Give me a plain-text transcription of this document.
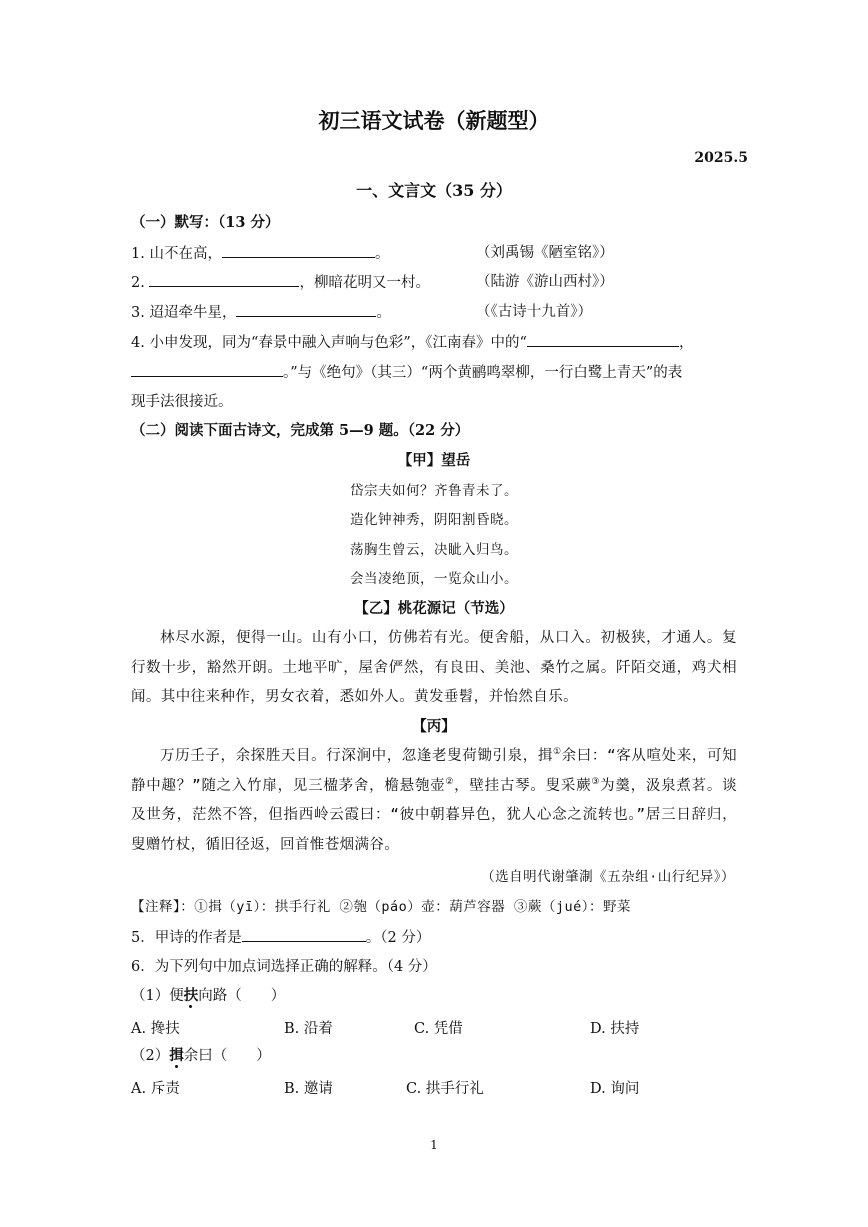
初三语文试卷（新题型）
2025.5
一、文言文（35 分）
（一）默写：（13 分）
1. 山不在高，	。	（刘禹锡《陋室铭》）
2.	，柳暗花明又一村。	（陆游《游山西村》）
3. 迢迢牵牛星，	。	（《古诗十九首》）
4. 小申发现，同为“春景中融入声响与色彩”，《江南春》中的“	，
。”与《绝句》（其三）“两个黄鹂鸣翠柳，一行白鹭上青天”的表
现手法很接近。
（二）阅读下面古诗文，完成第 5—9 题。（22 分）
【甲】望岳
岱宗夫如何？齐鲁青未了。
造化钟神秀，阴阳割昏晓。
荡胸生曾云，决眦入归鸟。
会当凌绝顶，一览众山小。
【乙】桃花源记（节选）

林尽水源，便得一山。山有小口，仿佛若有光。便舍船，从口入。初极狭，才通人。复行数十步，豁然开朗。土地平旷，屋舍俨然，有良田、美池、桑竹之属。阡陌交通，鸡犬相闻。其中往来种作，男女衣着，悉如外人。黄发垂髫，并怡然自乐。

【丙】

万历壬子，余探胜天目。行深涧中，忽逢老叟荷锄引泉，揖①余曰：“客从喧处来，可知静中趣？”随之入竹扉，见三楹茅舍，檐悬匏壶②，壁挂古琴。叟采蕨③为羹，汲泉煮茗。谈及世务，茫然不答，但指西岭云霞曰：“彼中朝暮异色，犹人心念之流转也。”居三日辞归，叟赠竹杖，循旧径返，回首惟苍烟满谷。

（选自明代谢肇淛《五杂组·山行纪异》）
【注释】：①揖（yī）：拱手行礼 ②匏（páo）壶：葫芦容器 ③蕨（jué）：野菜
5．甲诗的作者是	。（2 分）
6．为下列句中加点词选择正确的解释。（4 分）
（1）便扶向路（　　）
A. 搀扶	B. 沿着	C. 凭借	D. 扶持
（2）揖余曰（　　）
A. 斥责	B. 邀请	C. 拱手行礼	D. 询问
1
